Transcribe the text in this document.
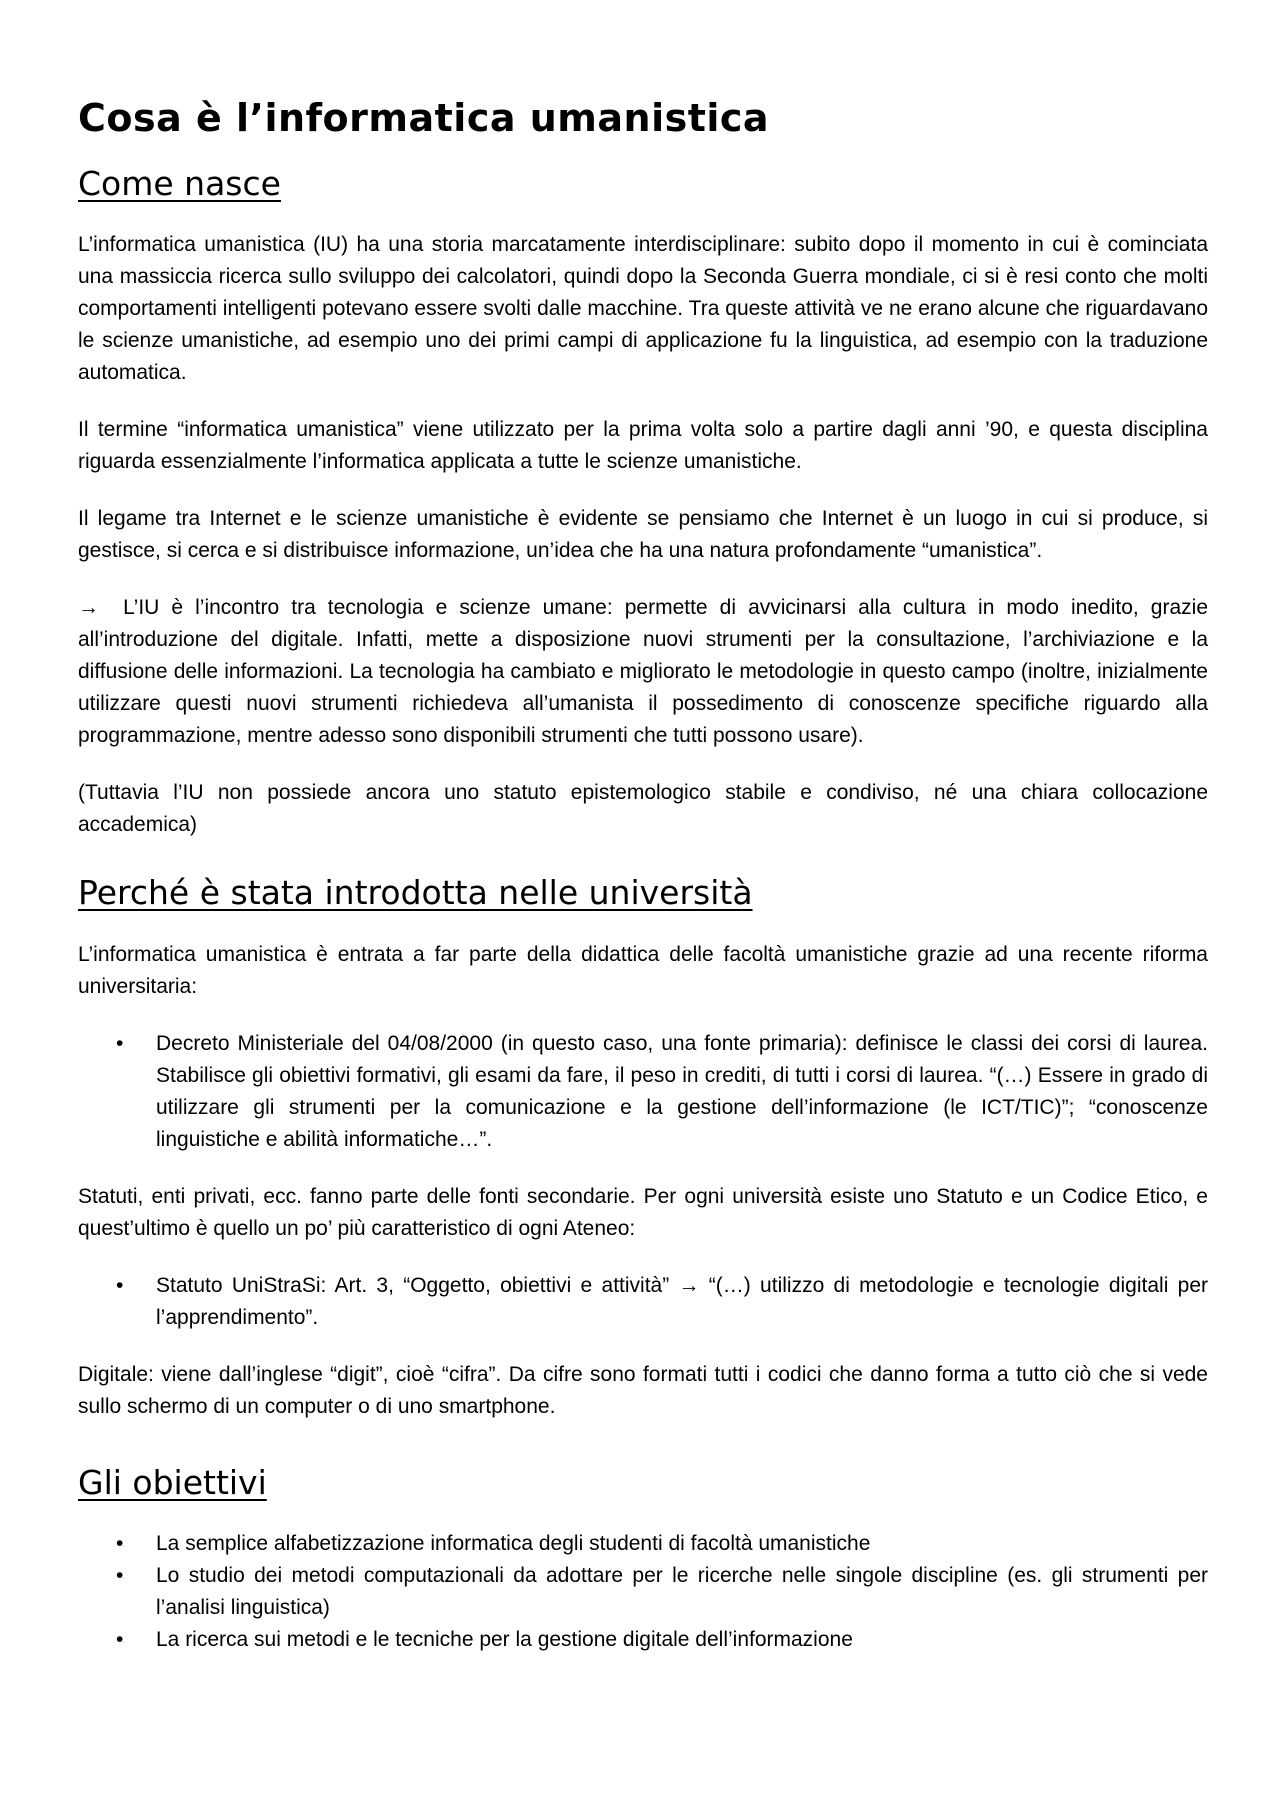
Cosa è l’informatica umanistica
Come nasce

L’informatica umanistica (IU) ha una storia marcatamente interdisciplinare: subito dopo il momento in cui è cominciata una massiccia ricerca sullo sviluppo dei calcolatori, quindi dopo la Seconda Guerra mondiale, ci si è resi conto che molti comportamenti intelligenti potevano essere svolti dalle macchine. Tra queste attività ve ne erano alcune che riguardavano le scienze umanistiche, ad esempio uno dei primi campi di applicazione fu la linguistica, ad esempio con la traduzione automatica.

Il termine “informatica umanistica” viene utilizzato per la prima volta solo a partire dagli anni ’90, e questa disciplina riguarda essenzialmente l’informatica applicata a tutte le scienze umanistiche.

Il legame tra Internet e le scienze umanistiche è evidente se pensiamo che Internet è un luogo in cui si produce, si gestisce, si cerca e si distribuisce informazione, un’idea che ha una natura profondamente “umanistica”.

→ L’IU è l’incontro tra tecnologia e scienze umane: permette di avvicinarsi alla cultura in modo inedito, grazie all’introduzione del digitale. Infatti, mette a disposizione nuovi strumenti per la consultazione, l’archiviazione e la diffusione delle informazioni. La tecnologia ha cambiato e migliorato le metodologie in questo campo (inoltre, inizialmente utilizzare questi nuovi strumenti richiedeva all’umanista il possedimento di conoscenze specifiche riguardo alla programmazione, mentre adesso sono disponibili strumenti che tutti possono usare).

(Tuttavia l’IU non possiede ancora uno statuto epistemologico stabile e condiviso, né una chiara collocazione accademica)

Perché è stata introdotta nelle università

L’informatica umanistica è entrata a far parte della didattica delle facoltà umanistiche grazie ad una recente riforma universitaria:

• Decreto Ministeriale del 04/08/2000 (in questo caso, una fonte primaria): definisce le classi dei corsi di laurea. Stabilisce gli obiettivi formativi, gli esami da fare, il peso in crediti, di tutti i corsi di laurea. “(…) Essere in grado di utilizzare gli strumenti per la comunicazione e la gestione dell’informazione (le ICT/TIC)”; “conoscenze linguistiche e abilità informatiche…”.

Statuti, enti privati, ecc. fanno parte delle fonti secondarie. Per ogni università esiste uno Statuto e un Codice Etico, e quest’ultimo è quello un po’ più caratteristico di ogni Ateneo:

• Statuto UniStraSi: Art. 3, “Oggetto, obiettivi e attività” → “(…) utilizzo di metodologie e tecnologie digitali per l’apprendimento”.

Digitale: viene dall’inglese “digit”, cioè “cifra”. Da cifre sono formati tutti i codici che danno forma a tutto ciò che si vede sullo schermo di un computer o di uno smartphone.

Gli obiettivi
• La semplice alfabetizzazione informatica degli studenti di facoltà umanistiche
• Lo studio dei metodi computazionali da adottare per le ricerche nelle singole discipline (es. gli strumenti per l’analisi linguistica)
• La ricerca sui metodi e le tecniche per la gestione digitale dell’informazione
